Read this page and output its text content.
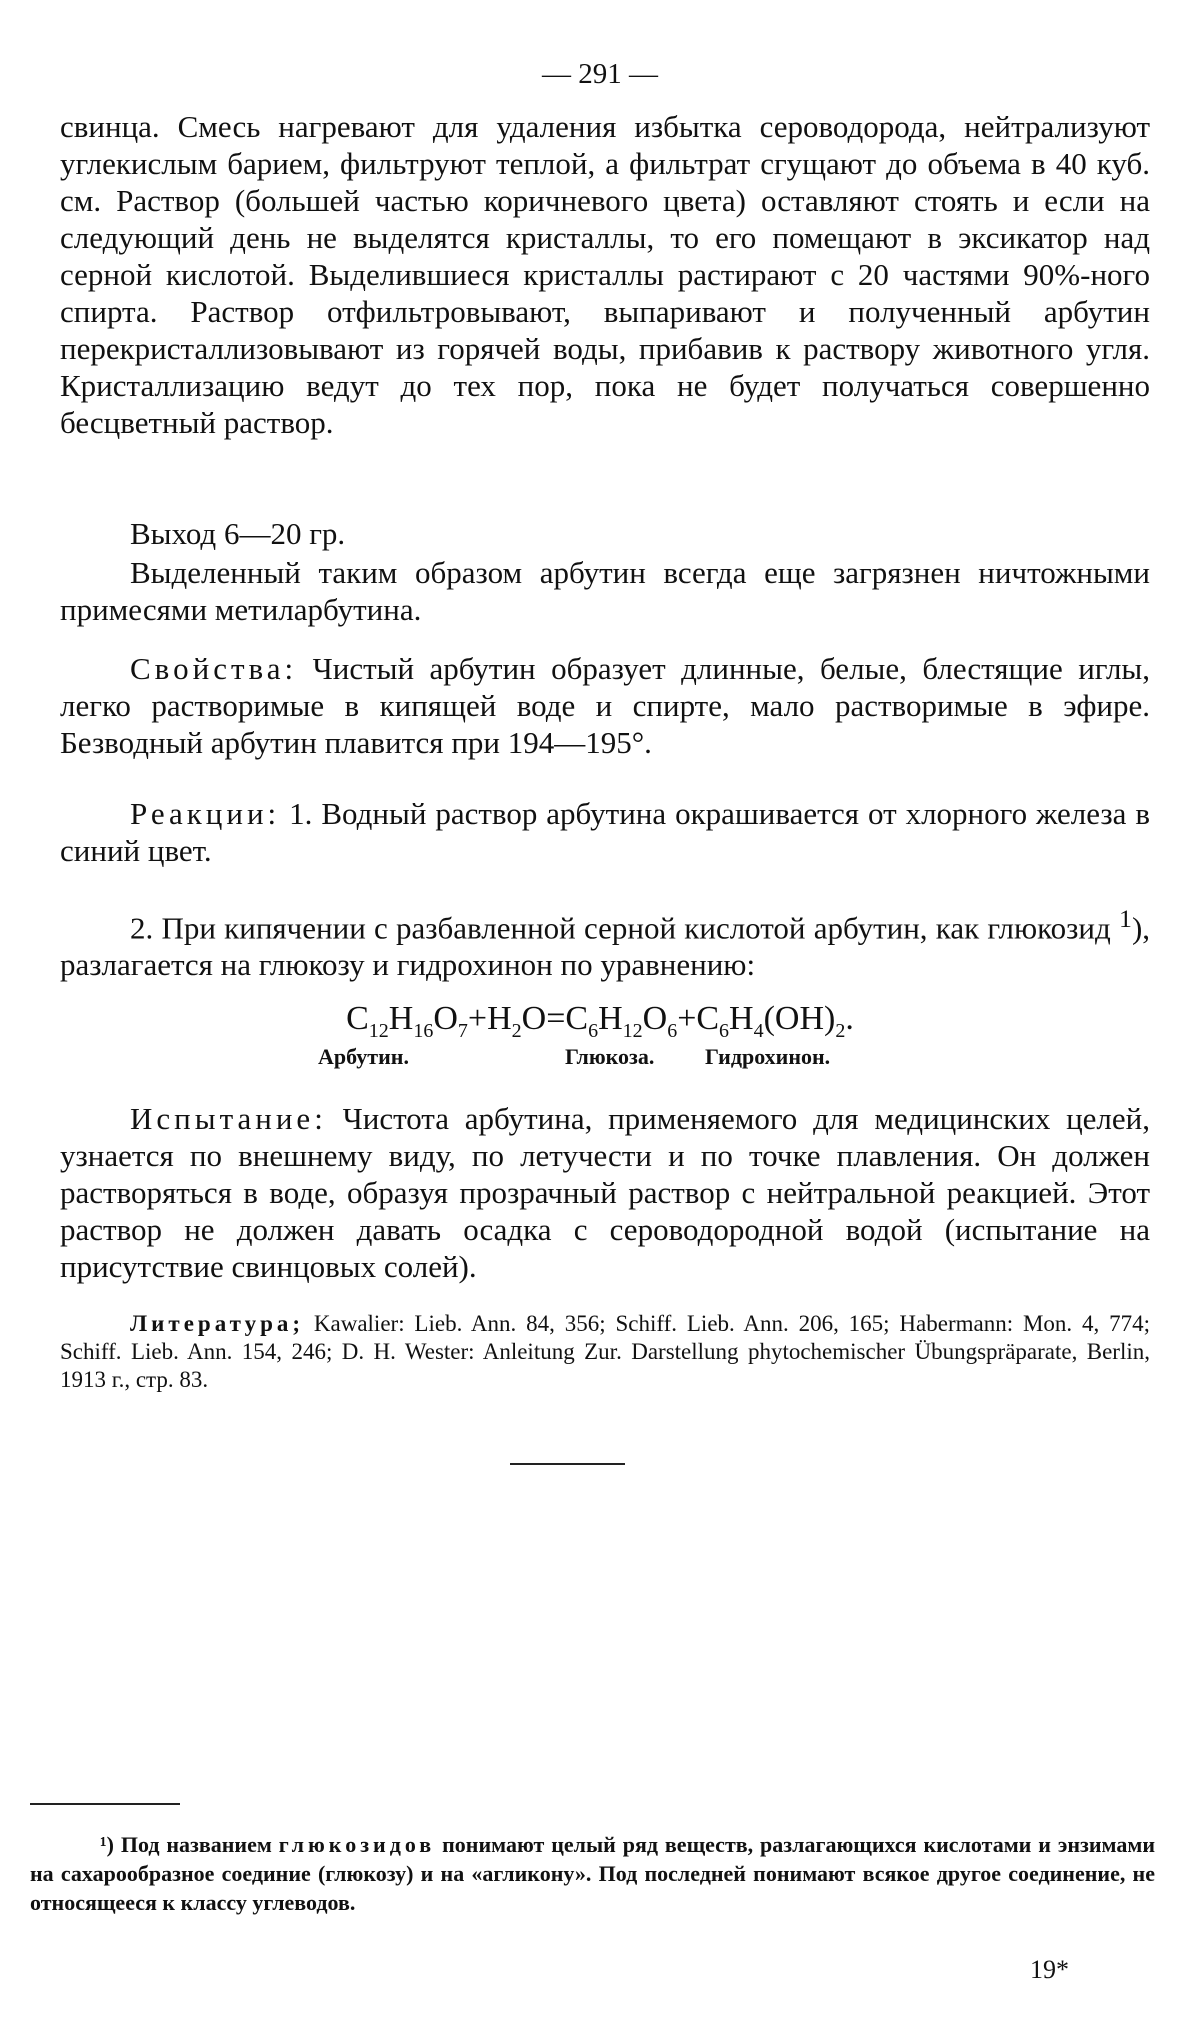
— 291 —

свинца. Смесь нагревают для удаления избытка сероводорода, нейтрализуют углекислым барием, фильтруют теплой, а фильтрат сгущают до объема в 40 куб. см. Раствор (большей частью коричневого цвета) оставляют стоять и если на следующий день не выделятся кристаллы, то его помещают в эксикатор над серной кислотой. Выделившиеся кристаллы растирают с 20 частями 90%-ного спирта. Раствор отфильтровывают, выпаривают и полученный арбутин перекристаллизовывают из горячей воды, прибавив к раствору животного угля. Кристаллизацию ведут до тех пор, пока не будет получаться совершенно бесцветный раствор.

Выход 6—20 гр.

Выделенный таким образом арбутин всегда еще загрязнен ничтожными примесями метиларбутина.

Свойства: Чистый арбутин образует длинные, белые, блестящие иглы, легко растворимые в кипящей воде и спирте, мало растворимые в эфире. Безводный арбутин плавится при 194—195°.

Реакции: 1. Водный раствор арбутина окрашивается от хлорного железа в синий цвет.

2. При кипячении с разбавленной серной кислотой арбутин, как глюкозид $^1$), разлагается на глюкозу и гидрохинон по уравнению:

$C_{12}H_{16}O_7+H_2O=C_6H_{12}O_6+C_6H_4(OH)_2$.
Арбутин.	Глюкоза. Гидрохинон.

Испытание: Чистота арбутина, применяемого для медицинских целей, узнается по внешнему виду, по летучести и по точке плавления. Он должен растворяться в воде, образуя прозрачный раствор с нейтральной реакцией. Этот раствор не должен давать осадка с сероводородной водой (испытание на присутствие свинцовых солей).

Литература; Kawalier: Lieb. Ann. 84, 356; Schiff. Lieb. Ann. 206, 165; Habermann: Mon. 4, 774; Schiff. Lieb. Ann. 154, 246; D. H. Wester: Anleitung Zur. Darstellung phytochemischer Übungspräparate, Berlin, 1913 г., стр. 83.

¹) Под названием глюкозидов понимают целый ряд веществ, разлагающихся кислотами и энзимами на сахарообразное соединие (глюкозу) и на «агликону». Под последней понимают всякое другое соединение, не относящееся к классу углеводов.

19*
